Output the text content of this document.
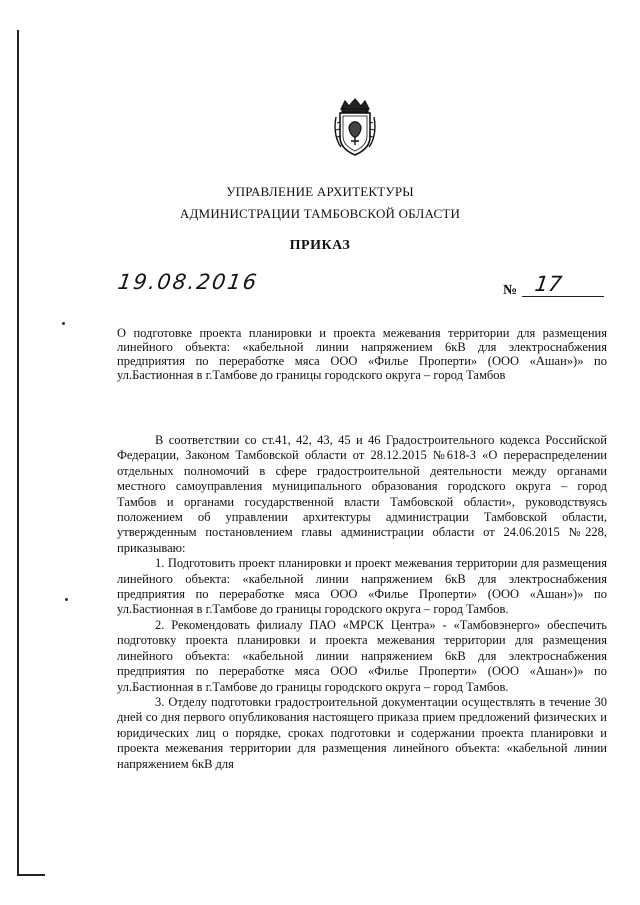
УПРАВЛЕНИЕ АРХИТЕКТУРЫ
АДМИНИСТРАЦИИ ТАМБОВСКОЙ ОБЛАСТИ
ПРИКАЗ
19.08.2016	№ 17
О подготовке проекта планировки и проекта межевания территории для размещения линейного объекта: «кабельной линии напряжением 6кВ для электроснабжения предприятия по переработке мяса ООО «Филье Проперти» (ООО «Ашан»)» по ул.Бастионная в г.Тамбове до границы городского округа – город Тамбов

В соответствии со ст.41, 42, 43, 45 и 46 Градостроительного кодекса Российской Федерации, Законом Тамбовской области от 28.12.2015 №618-З «О перераспределении отдельных полномочий в сфере градостроительной деятельности между органами местного самоуправления муниципального образования городского округа – город Тамбов и органами государственной власти Тамбовской области», руководствуясь положением об управлении архитектуры администрации Тамбовской области, утвержденным постановлением главы администрации области от 24.06.2015 №228, приказываю:

1. Подготовить проект планировки и проект межевания территории для размещения линейного объекта: «кабельной линии напряжением 6кВ для электроснабжения предприятия по переработке мяса ООО «Филье Проперти» (ООО «Ашан»)» по ул.Бастионная в г.Тамбове до границы городского округа – город Тамбов.

2. Рекомендовать филиалу ПАО «МРСК Центра» - «Тамбовэнерго» обеспечить подготовку проекта планировки и проекта межевания территории для размещения линейного объекта: «кабельной линии напряжением 6кВ для электроснабжения предприятия по переработке мяса ООО «Филье Проперти» (ООО «Ашан»)» по ул.Бастионная в г.Тамбове до границы городского округа – город Тамбов.

3. Отделу подготовки градостроительной документации осуществлять в течение 30 дней со дня первого опубликования настоящего приказа прием предложений физических и юридических лиц о порядке, сроках подготовки и содержании проекта планировки и проекта межевания территории для размещения линейного объекта: «кабельной линии напряжением 6кВ для
